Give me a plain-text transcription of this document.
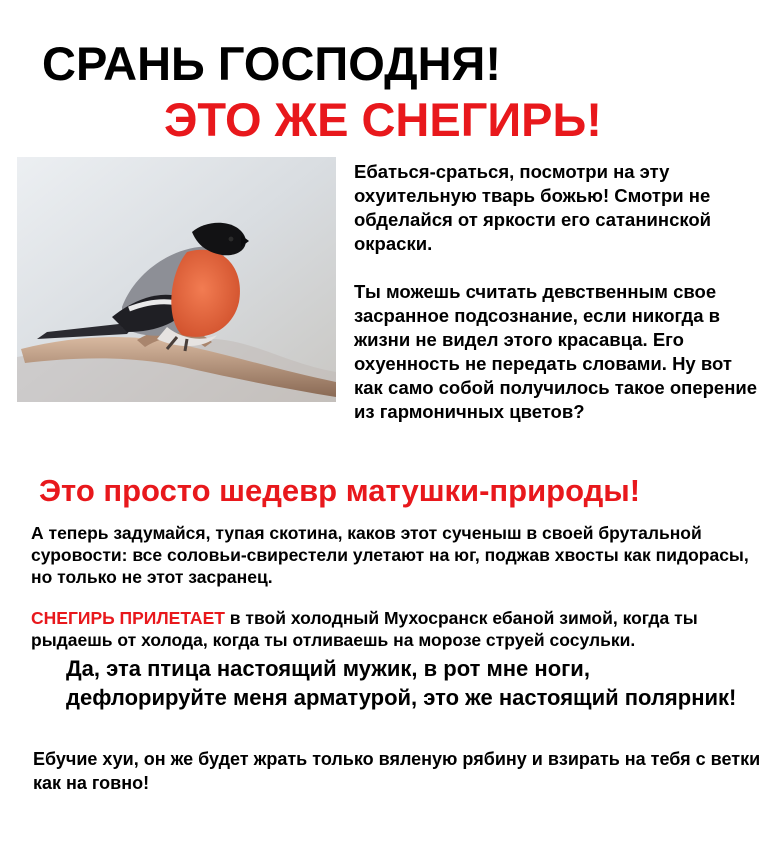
СРАНЬ ГОСПОДНЯ!
ЭТО ЖЕ СНЕГИРЬ!

Ебаться-сраться, посмотри на эту охуительную тварь божью! Смотри не обделайся от яркости его сатанинской окраски.

Ты можешь считать девственным свое засранное подсознание, если никогда в жизни не видел этого красавца. Его охуенность не передать словами. Ну вот как само собой получилось такое оперение из гармоничных цветов?

Это просто шедевр матушки-природы!
А теперь задумайся, тупая скотина, каков этот сученыш в своей брутальной суровости: все соловьи-свирестели улетают на юг, поджав хвосты как пидорасы, но только не этот засранец.
СНЕГИРЬ ПРИЛЕТАЕТ в твой холодный Мухосранск ебаной зимой, когда ты рыдаешь от холода, когда ты отливаешь на морозе струей сосульки.
Да, эта птица настоящий мужик, в рот мне ноги, дефлорируйте меня арматурой, это же настоящий полярник!
Ебучие хуи, он же будет жрать только вяленую рябину и взирать на тебя с ветки как на говно!
